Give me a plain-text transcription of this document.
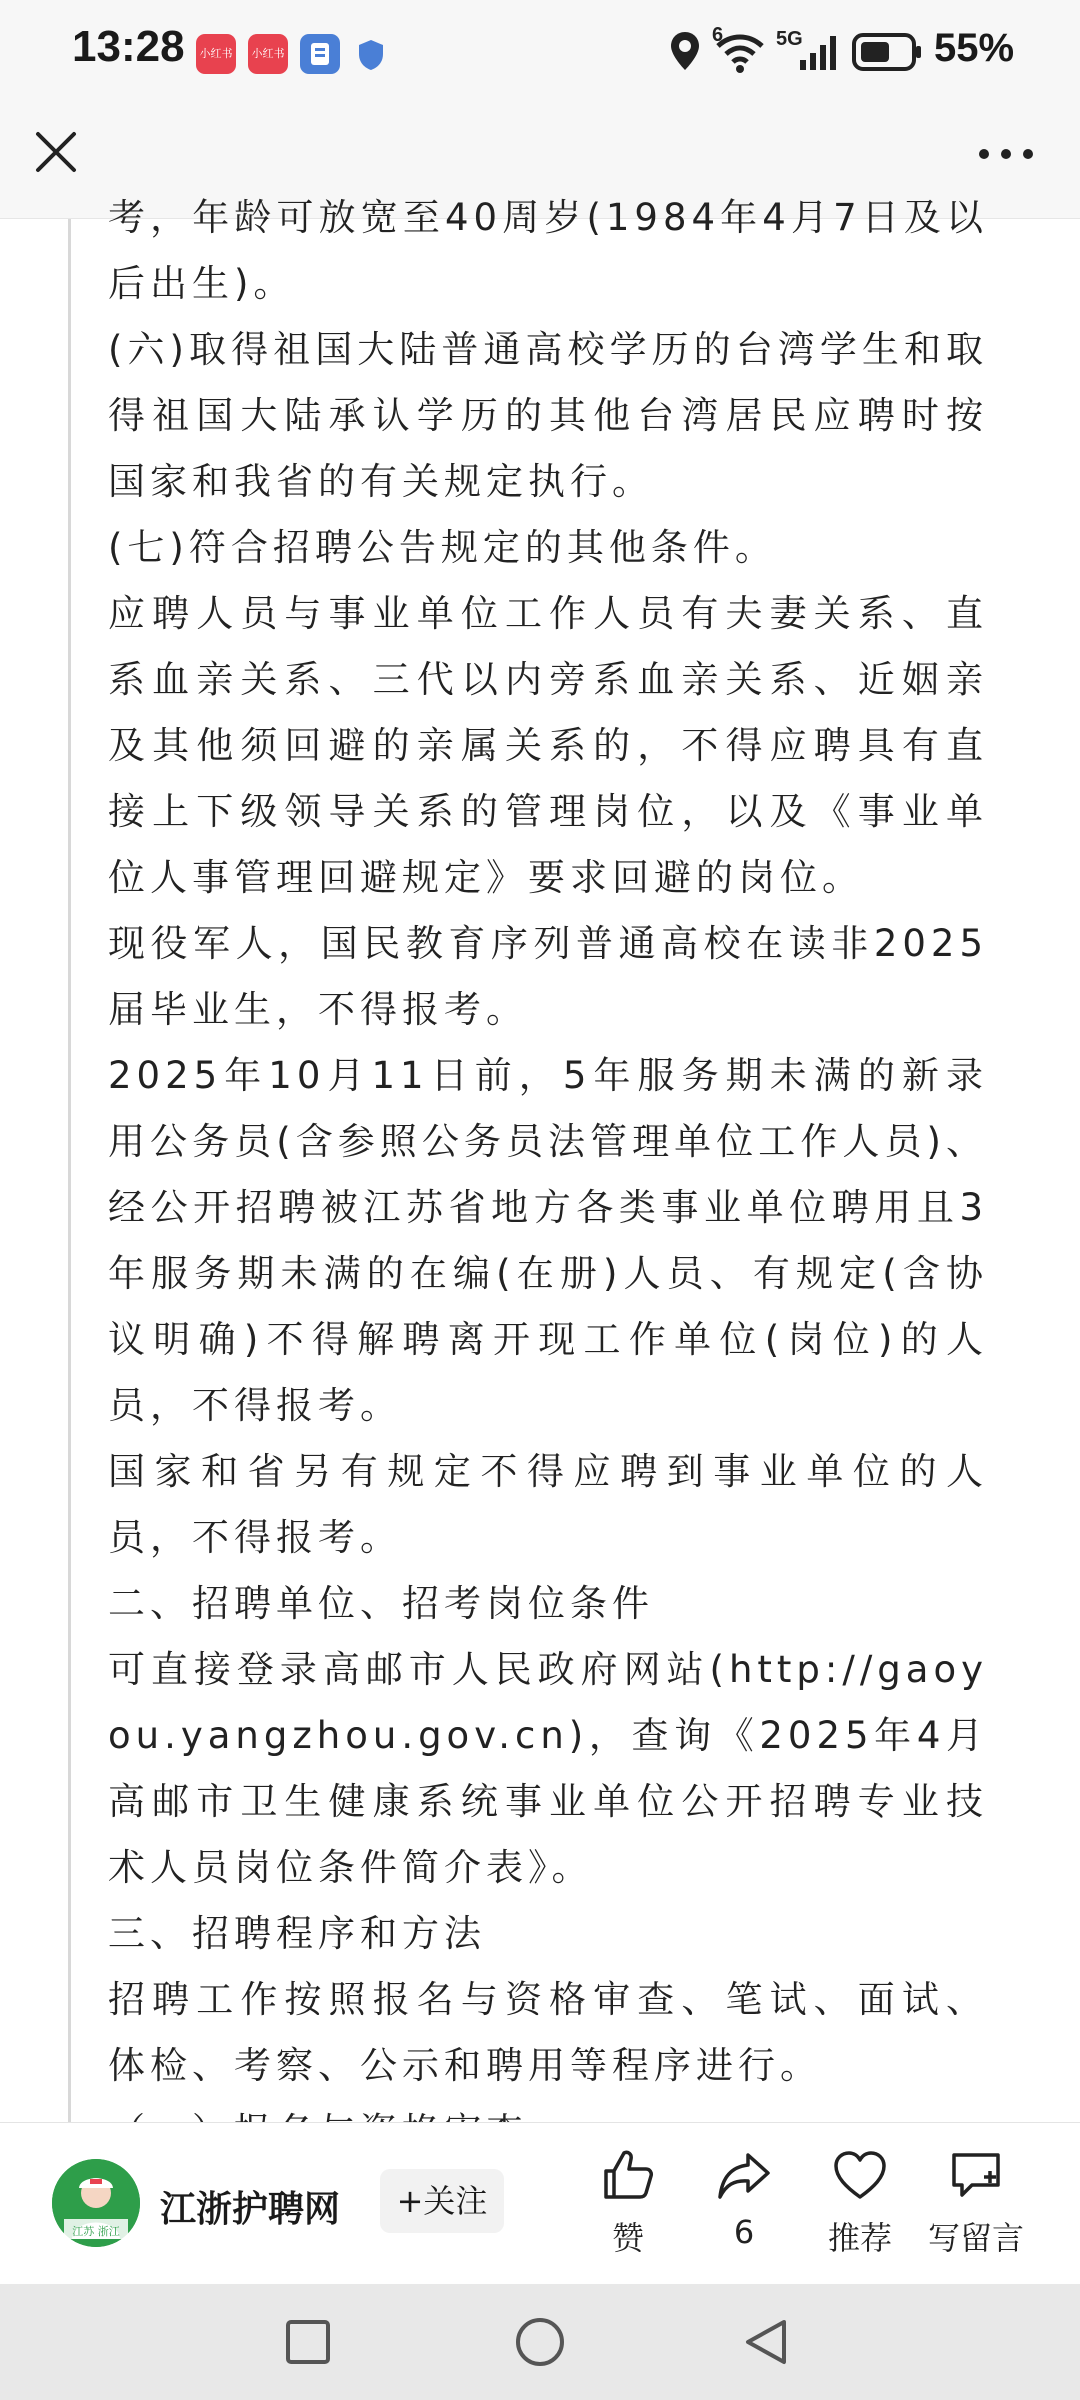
13:28	小红书	小红书
6	5G	55%

考，年龄可放宽至40周岁(1984年4月7日及以后出生)。

(六)取得祖国大陆普通高校学历的台湾学生和取得祖国大陆承认学历的其他台湾居民应聘时按国家和我省的有关规定执行。

(七)符合招聘公告规定的其他条件。

应聘人员与事业单位工作人员有夫妻关系、直系血亲关系、三代以内旁系血亲关系、近姻亲及其他须回避的亲属关系的，不得应聘具有直接上下级领导关系的管理岗位，以及《事业单位人事管理回避规定》要求回避的岗位。

现役军人，国民教育序列普通高校在读非2025届毕业生，不得报考。

2025年10月11日前，5年服务期未满的新录用公务员(含参照公务员法管理单位工作人员)、经公开招聘被江苏省地方各类事业单位聘用且3年服务期未满的在编(在册)人员、有规定(含协议明确)不得解聘离开现工作单位(岗位)的人员，不得报考。

国家和省另有规定不得应聘到事业单位的人员，不得报考。

二、招聘单位、招考岗位条件

可直接登录高邮市人民政府网站(http://gaoyou.yangzhou.gov.cn)，查询《2025年4月高邮市卫生健康系统事业单位公开招聘专业技术人员岗位条件简介表》。

三、招聘程序和方法

招聘工作按照报名与资格审查、笔试、面试、体检、考察、公示和聘用等程序进行。

江苏 浙江
江浙护聘网	+关注
赞	6	推荐	写留言
